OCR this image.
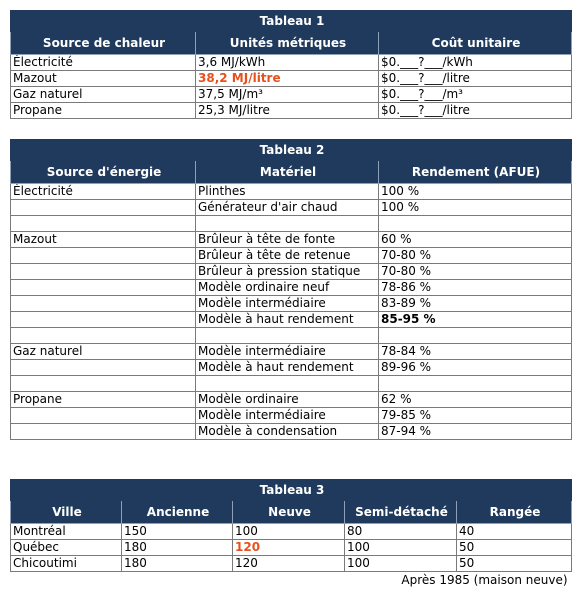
Tableau 1		
Source de chaleur	Unités métriques	Coût unitaire
Électricité	3,6 MJ/kWh	$0.___?___/kWh
Mazout	38,2 MJ/litre	$0.___?___/litre
Gaz naturel	37,5 MJ/m³	$0.___?___/m³
Propane	25,3 MJ/litre	$0.___?___/litre
Tableau 2		
Source d'énergie	Matériel	Rendement (AFUE)
Électricité	Plinthes	100 %
	Générateur d'air chaud	100 %

Mazout	Brûleur à tête de fonte	60 %
	Brûleur à tête de retenue	70-80 %
	Brûleur à pression statique	70-80 %
	Modèle ordinaire neuf	78-86 %
	Modèle intermédiaire	83-89 %
	Modèle à haut rendement	85-95 %

Gaz naturel	Modèle intermédiaire	78-84 %
	Modèle à haut rendement	89-96 %

Propane	Modèle ordinaire	62 %
	Modèle intermédiaire	79-85 %
	Modèle à condensation	87-94 %
Tableau 3				
Ville	Ancienne	Neuve	Semi-détaché	Rangée
Montréal	150	100	80	40
Québec	180	120	100	50
Chicoutimi	180	120	100	50
Après 1985 (maison neuve)				
